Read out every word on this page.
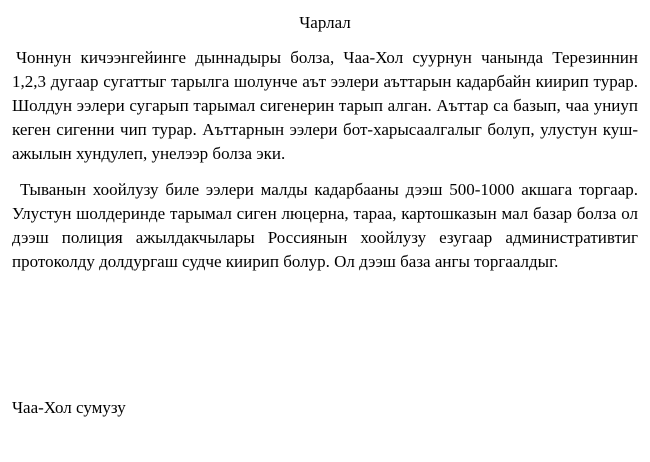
Чарлал

Чоннун кичээнгейинге дыннадыры болза, Чаа-Хол суурнун чанында Терезиннин 1,2,3 дугаар сугаттыг тарылга шолунче аът ээлери аъттарын кадарбайн киирип турар. Шолдун ээлери сугарып тарымал сигенерин тарып алган. Аъттар са базып, чаа униуп кеген сигенни чип турар. Аъттарнын ээлери бот-харысаалгалыг болуп, улустун куш-ажылын хундулеп, унелээр болза эки.

Тыванын хоойлузу биле ээлери малды кадарбааны дээш 500-1000 акшага торгаар. Улустун шолдеринде тарымал сиген люцерна, тараа, картошказын мал базар болза ол дээш полиция ажылдакчылары Россиянын хоойлузу езугаар административтиг протоколду долдургаш судче киирип болур. Ол дээш база ангы торгаалдыг.

Чаа-Хол сумузу
